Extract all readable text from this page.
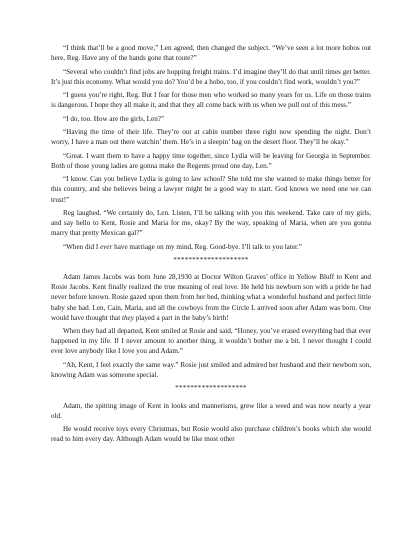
“I think that’ll be a good move,” Len agreed, then changed the subject. “We’ve seen a lot more hobos out here, Reg. Have any of the hands gone that route?”

“Several who couldn’t find jobs are hopping freight trains. I’d imagine they’ll do that until times get better. It’s just this economy. What would you do? You’d be a hobo, too, if you couldn’t find work, wouldn’t you?”

“I guess you’re right, Reg. But I fear for those men who worked so many years for us. Life on those trains is dangerous. I hope they all make it, and that they all come back with us when we pull out of this mess.”

“I do, too. How are the girls, Len?”

“Having the time of their life. They’re out at cabin number three right now spending the night. Don’t worry, I have a man out there watchin’ them. He’s in a sleepin’ bag on the desert floor. They’ll be okay.”

“Great. I want them to have a happy time together, since Lydia will be leaving for Georgia in September. Both of those young ladies are gonna make the Regents proud one day, Len.”

“I know. Can you believe Lydia is going to law school? She told me she wanted to make things better for this country, and she believes being a lawyer might be a good way to start. God knows we need one we can trust!”

Reg laughed. “We certainly do, Len. Listen, I’ll be talking with you this weekend. Take care of my girls, and say hello to Kent, Rosie and Maria for me, okay? By the way, speaking of Maria, when are you gonna marry that pretty Mexican gal?”

“When did I ever have marriage on my mind, Reg. Good-bye. I’ll talk to you later.”

********************

Adam James Jacobs was born June 28,1930 at Doctor Wilton Graves’ office in Yellow Bluff to Kent and Rosie Jacobs. Kent finally realized the true meaning of real love. He held his newborn son with a pride he had never before known. Rosie gazed upon them from her bed, thinking what a wonderful husband and perfect little baby she had. Len, Cain, Maria, and all the cowboys from the Circle L arrived soon after Adam was born. One would have thought that they played a part in the baby’s birth!

When they had all departed, Kent smiled at Rosie and said, “Honey, you’ve erased everything bad that ever happened in my life. If I never amount to another thing, it wouldn’t bother me a bit. I never thought I could ever love anybody like I love you and Adam.”

“Ah, Kent, I feel exactly the same way.” Rosie just smiled and admired her husband and their newborn son, knowing Adam was someone special.

*******************

Adam, the spitting image of Kent in looks and mannerisms, grew like a weed and was now nearly a year old.

He would receive toys every Christmas, but Rosie would also purchase children’s books which she would read to him every day. Although Adam would be like most other
